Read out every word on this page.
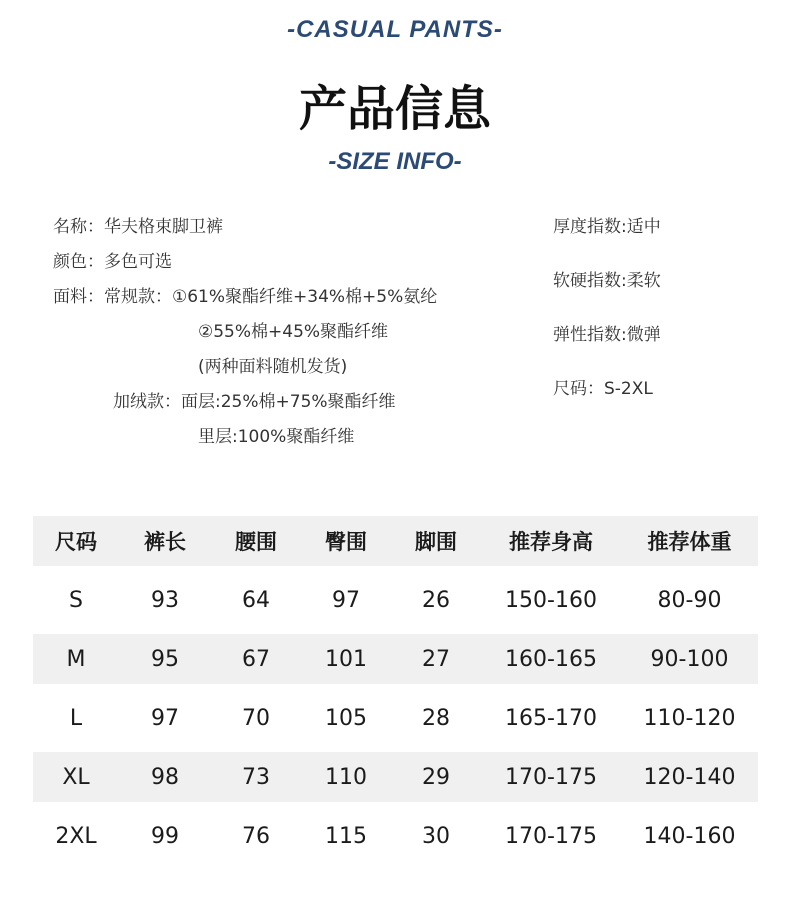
-CASUAL PANTS-
产品信息
-SIZE INFO-
名称：华夫格束脚卫裤
颜色：多色可选
面料：常规款：①61%聚酯纤维+34%棉+5%氨纶
②55%棉+45%聚酯纤维
(两种面料随机发货)
加绒款：面层:25%棉+75%聚酯纤维
里层:100%聚酯纤维
厚度指数:适中
软硬指数:柔软
弹性指数:微弹
尺码：S-2XL
尺码	裤长	腰围	臀围	脚围	推荐身高	推荐体重
S	93	64	97	26	150-160	80-90
M	95	67	101	27	160-165	90-100
L	97	70	105	28	165-170	110-120
XL	98	73	110	29	170-175	120-140
2XL	99	76	115	30	170-175	140-160
